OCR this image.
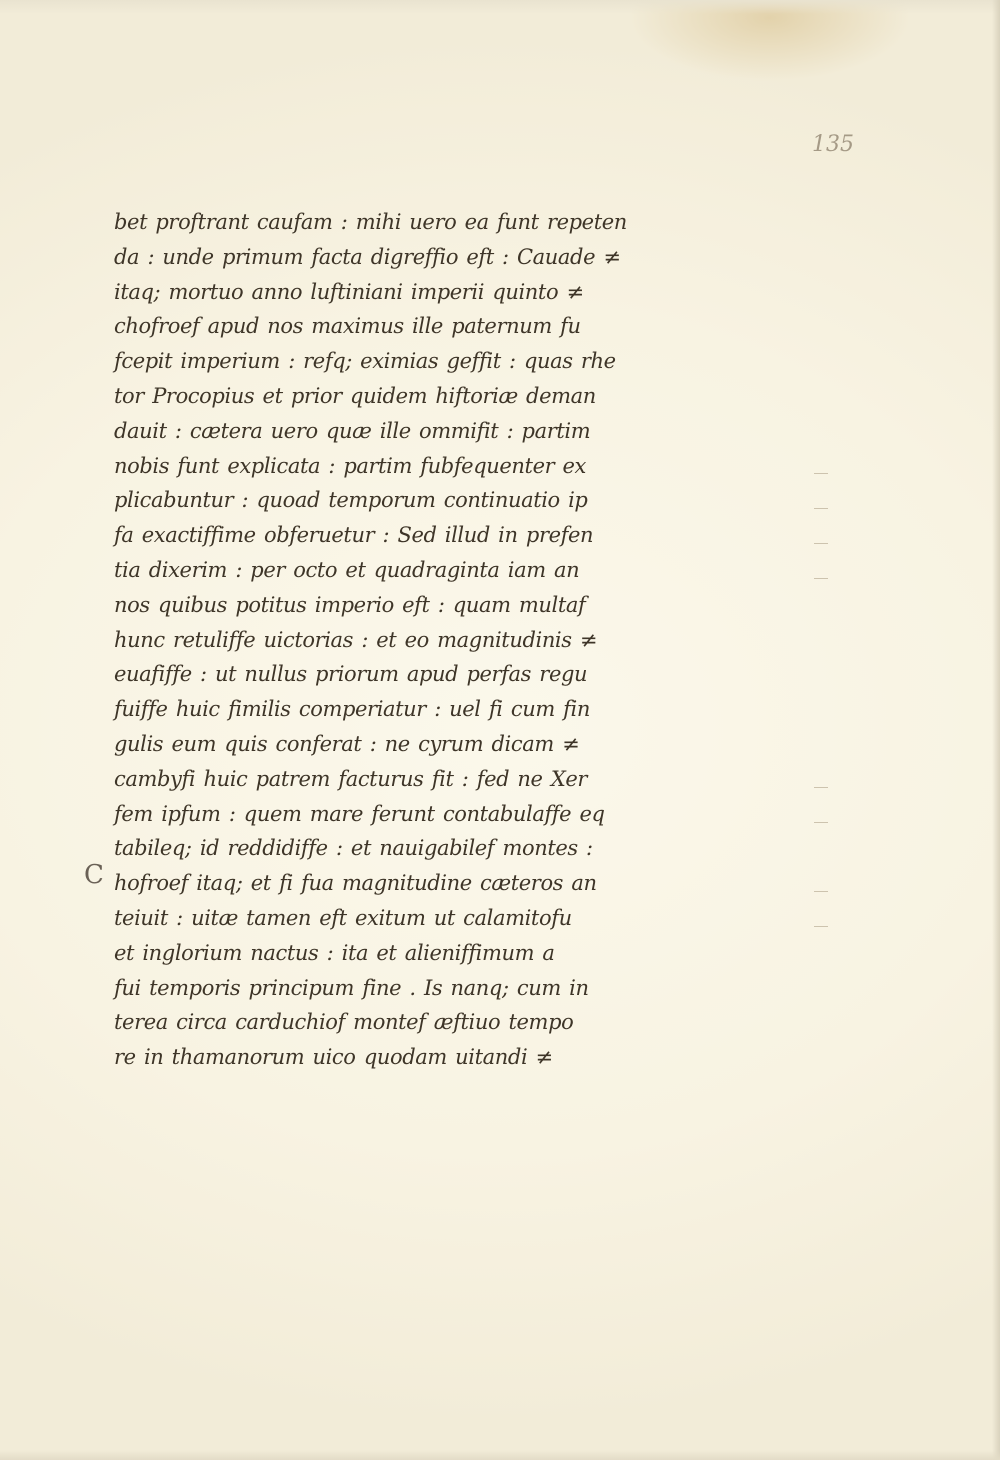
135
C
bet proftrant caufam : mihi uero ea funt repeten
da : unde primum facta digreffio eft : Cauade ≠
itaq; mortuo anno luftiniani imperii quinto ≠
chofroef apud nos maximus ille paternum fu
fcepit imperium : refq; eximias geffit : quas rhe
tor Procopius et prior quidem hiftoriæ deman
dauit : cætera uero quæ ille ommifit : partim
nobis funt explicata : partim fubfequenter ex
plicabuntur : quoad temporum continuatio ip
fa exactiffime obferuetur : Sed illud in prefen
tia dixerim : per octo et quadraginta iam an
nos quibus potitus imperio eft : quam multaf
hunc retuliffe uictorias : et eo magnitudinis ≠
euafiffe : ut nullus priorum apud perfas regu
fuiffe huic fimilis comperiatur : uel fi cum fin
gulis eum quis conferat : ne cyrum dicam ≠
cambyfi huic patrem facturus fit : fed ne Xer
fem ipfum : quem mare ferunt contabulaffe eq
tabileq; id reddidiffe : et nauigabilef montes :
hofroef itaq; et fi fua magnitudine cæteros an
teiuit : uitæ tamen eft exitum ut calamitofu
et inglorium nactus : ita et alieniffimum a
fui temporis principum fine . Is nanq; cum in
terea circa carduchiof montef æftiuo tempo
re in thamanorum uico quodam uitandi ≠
